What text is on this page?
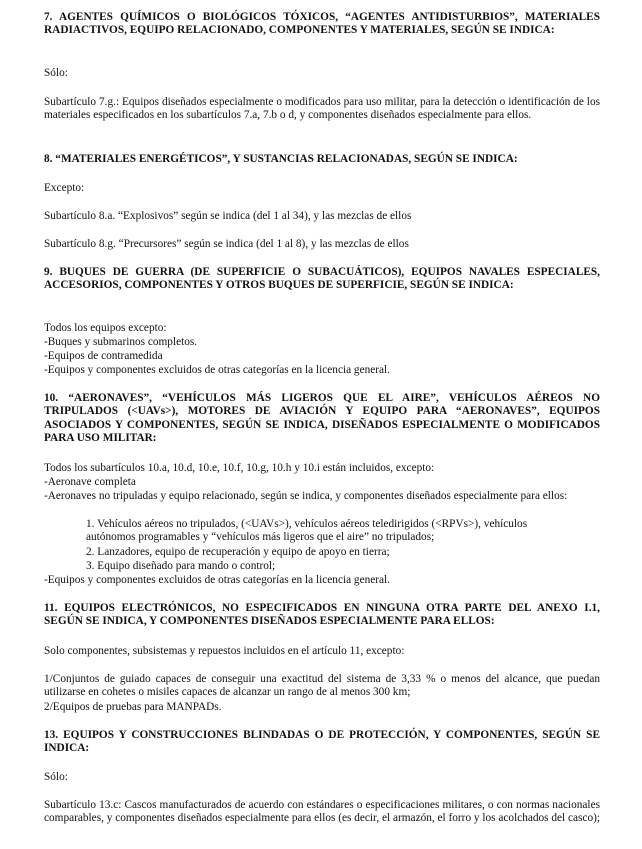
7. AGENTES QUÍMICOS O BIOLÓGICOS TÓXICOS, “AGENTES ANTIDISTURBIOS”, MATERIALES RADIACTIVOS, EQUIPO RELACIONADO, COMPONENTES Y MATERIALES, SEGÚN SE INDICA:

Sólo:

Subartículo 7.g.: Equipos diseñados especialmente o modificados para uso militar, para la detección o identificación de los materiales especificados en los subartículos 7.a, 7.b o d, y componentes diseñados especialmente para ellos.

8. “MATERIALES ENERGÉTICOS”, Y SUSTANCIAS RELACIONADAS, SEGÚN SE INDICA:

Excepto:

Subartículo 8.a. “Explosivos” según se indica (del 1 al 34), y las mezclas de ellos

Subartículo 8.g. “Precursores” según se indica (del 1 al 8), y las mezclas de ellos

9. BUQUES DE GUERRA (DE SUPERFICIE O SUBACUÁTICOS), EQUIPOS NAVALES ESPECIALES, ACCESORIOS, COMPONENTES Y OTROS BUQUES DE SUPERFICIE, SEGÚN SE INDICA:

Todos los equipos excepto:

-Buques y submarinos completos.

-Equipos de contramedida

-Equipos y componentes excluidos de otras categorías en la licencia general.

10. “AERONAVES”, “VEHÍCULOS MÁS LIGEROS QUE EL AIRE”, VEHÍCULOS AÉREOS NO TRIPULADOS (<UAVs>), MOTORES DE AVIACIÓN Y EQUIPO PARA “AERONAVES”, EQUIPOS ASOCIADOS Y COMPONENTES, SEGÚN SE INDICA, DISEÑADOS ESPECIALMENTE O MODIFICADOS PARA USO MILITAR:

Todos los subartículos 10.a, 10.d, 10.e, 10.f, 10.g, 10.h y 10.i están incluidos, excepto:

-Aeronave completa

-Aeronaves no tripuladas y equipo relacionado, según se indica, y componentes diseñados especialmente para ellos:

1. Vehículos aéreos no tripulados, (<UAVs>), vehículos aéreos teledirigidos (<RPVs>), vehículos autónomos programables y “vehículos más ligeros que el aire” no tripulados;

2. Lanzadores, equipo de recuperación y equipo de apoyo en tierra;

3. Equipo diseñado para mando o control;

-Equipos y componentes excluidos de otras categorías en la licencia general.

11. EQUIPOS ELECTRÓNICOS, NO ESPECIFICADOS EN NINGUNA OTRA PARTE DEL ANEXO I.1, SEGÚN SE INDICA, Y COMPONENTES DISEÑADOS ESPECIALMENTE PARA ELLOS:

Solo componentes, subsistemas y repuestos incluidos en el artículo 11, excepto:

1/Conjuntos de guiado capaces de conseguir una exactitud del sistema de 3,33 % o menos del alcance, que puedan utilizarse en cohetes o misiles capaces de alcanzar un rango de al menos 300 km;

2/Equipos de pruebas para MANPADs.

13. EQUIPOS Y CONSTRUCCIONES BLINDADAS O DE PROTECCIÓN, Y COMPONENTES, SEGÚN SE INDICA:

Sólo:

Subartículo 13.c: Cascos manufacturados de acuerdo con estándares o especificaciones militares, o con normas nacionales comparables, y componentes diseñados especialmente para ellos (es decir, el armazón, el forro y los acolchados del casco);
